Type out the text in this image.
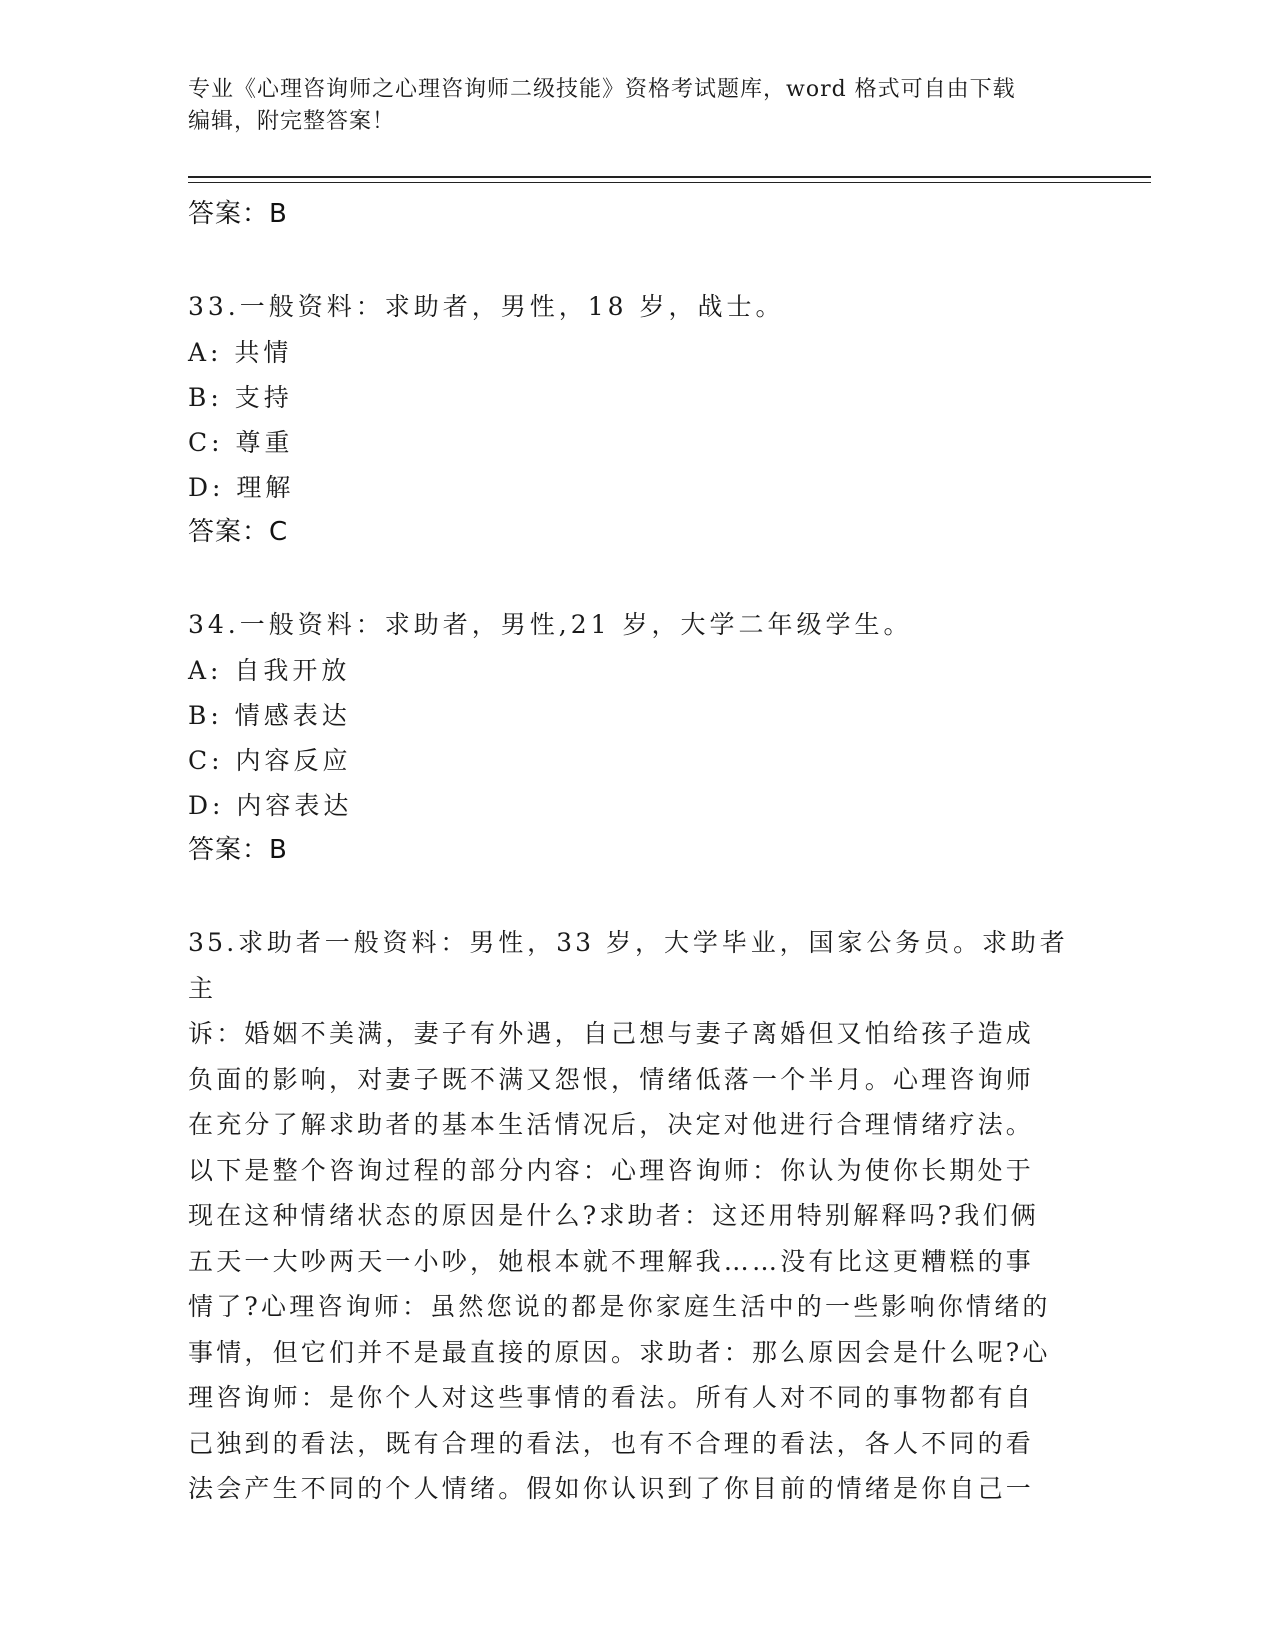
专业《心理咨询师之心理咨询师二级技能》资格考试题库，word 格式可自由下载
编辑，附完整答案！
答案：B
33.一般资料：求助者，男性，18 岁，战士。
A: 共情
B: 支持
C: 尊重
D: 理解
答案：C
34.一般资料：求助者，男性,21 岁，大学二年级学生。
A: 自我开放
B: 情感表达
C: 内容反应
D: 内容表达
答案：B
35.求助者一般资料：男性，33 岁，大学毕业，国家公务员。求助者主
诉：婚姻不美满，妻子有外遇，自己想与妻子离婚但又怕给孩子造成
负面的影响，对妻子既不满又怨恨，情绪低落一个半月。心理咨询师
在充分了解求助者的基本生活情况后，决定对他进行合理情绪疗法。
以下是整个咨询过程的部分内容：心理咨询师：你认为使你长期处于
现在这种情绪状态的原因是什么?求助者：这还用特别解释吗?我们俩
五天一大吵两天一小吵，她根本就不理解我……没有比这更糟糕的事
情了?心理咨询师：虽然您说的都是你家庭生活中的一些影响你情绪的
事情，但它们并不是最直接的原因。求助者：那么原因会是什么呢?心
理咨询师：是你个人对这些事情的看法。所有人对不同的事物都有自
己独到的看法，既有合理的看法，也有不合理的看法，各人不同的看
法会产生不同的个人情绪。假如你认识到了你目前的情绪是你自己一
